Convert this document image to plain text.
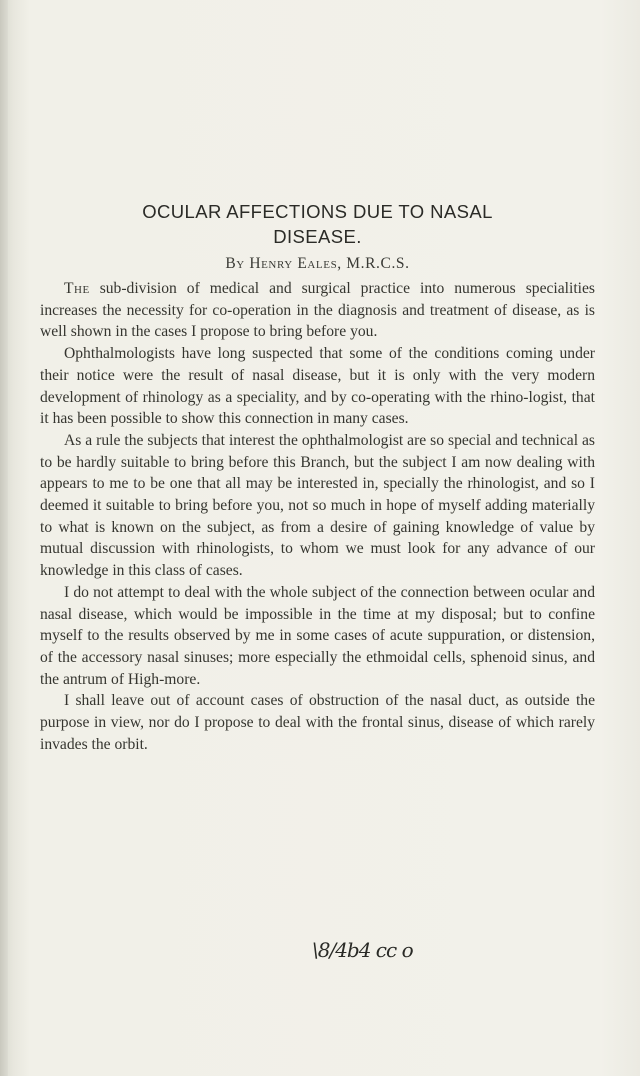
OCULAR AFFECTIONS DUE TO NASAL
DISEASE.
By Henry Eales, M.R.C.S.

The sub-division of medical and surgical practice into numerous specialities increases the necessity for co-operation in the diagnosis and treatment of disease, as is well shown in the cases I propose to bring before you.

Ophthalmologists have long suspected that some of the conditions coming under their notice were the result of nasal disease, but it is only with the very modern development of rhinology as a speciality, and by co-operating with the rhino-logist, that it has been possible to show this connection in many cases.

As a rule the subjects that interest the ophthalmologist are so special and technical as to be hardly suitable to bring before this Branch, but the subject I am now dealing with appears to me to be one that all may be interested in, specially the rhinologist, and so I deemed it suitable to bring before you, not so much in hope of myself adding materially to what is known on the subject, as from a desire of gaining knowledge of value by mutual discussion with rhinologists, to whom we must look for any advance of our knowledge in this class of cases.

I do not attempt to deal with the whole subject of the connection between ocular and nasal disease, which would be impossible in the time at my disposal; but to confine myself to the results observed by me in some cases of acute suppuration, or distension, of the accessory nasal sinuses; more especially the ethmoidal cells, sphenoid sinus, and the antrum of High-more.

I shall leave out of account cases of obstruction of the nasal duct, as outside the purpose in view, nor do I propose to deal with the frontal sinus, disease of which rarely invades the orbit.

\8/4b4 cc o
